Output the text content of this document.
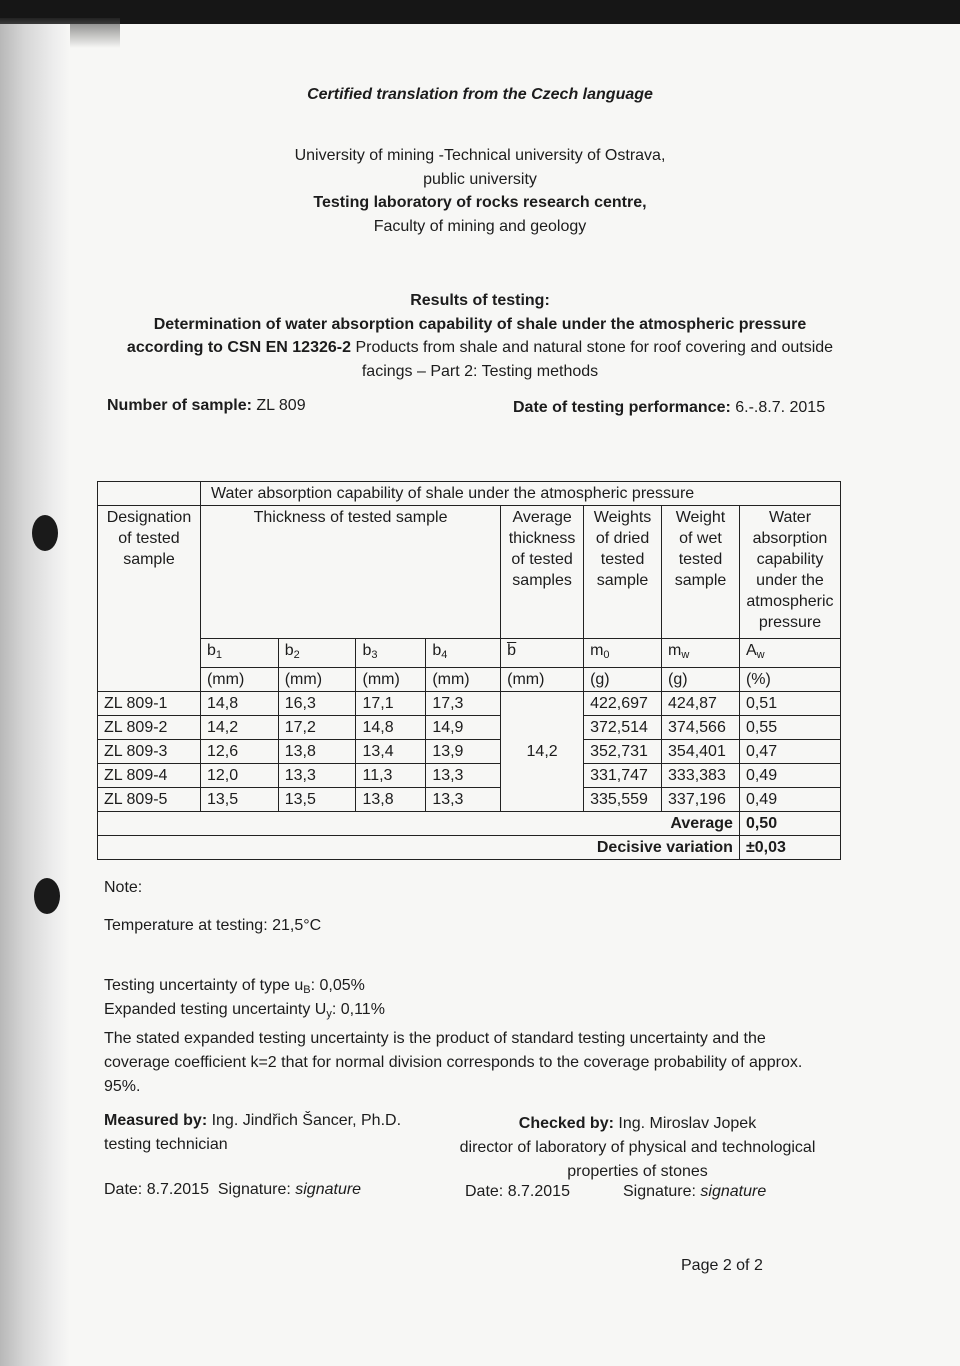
Certified translation from the Czech language
University of mining -Technical university of Ostrava,
public university
Testing laboratory of rocks research centre,
Faculty of mining and geology
Results of testing:
Determination of water absorption capability of shale under the atmospheric pressure
according to CSN EN 12326-2 Products from shale and natural stone for roof covering and outside
facings – Part 2: Testing methods
Number of sample: ZL 809	Date of testing performance: 6.-.8.7. 2015
	Water absorption capability of shale under the atmospheric pressure							
Designation of tested sample	Thickness of tested sample				Average thickness of tested samples	Weights of dried tested sample	Weight of wet tested sample	Water absorption capability under the atmospheric pressure
	$b_1$	$b_2$	$b_3$	$b_4$	b̅	$m_0$	$m_w$	$A_w$
	(mm)	(mm)	(mm)	(mm)	(mm)	(g)	(g)	(%)
ZL 809-1	14,8	16,3	17,1	17,3	14,2	422,697	424,87	0,51
ZL 809-2	14,2	17,2	14,8	14,9		372,514	374,566	0,55
ZL 809-3	12,6	13,8	13,4	13,9		352,731	354,401	0,47
ZL 809-4	12,0	13,3	11,3	13,3		331,747	333,383	0,49
ZL 809-5	13,5	13,5	13,8	13,3		335,559	337,196	0,49
Average								0,50
Decisive variation								±0,03
Note:
Temperature at testing: 21,5°C
Testing uncertainty of type $u_B$: 0,05%
Expanded testing uncertainty $U_y$: 0,11%
The stated expanded testing uncertainty is the product of standard testing uncertainty and the
coverage coefficient k=2 that for normal division corresponds to the coverage probability of approx.
95%.
Measured by: Ing. Jindřich Šancer, Ph.D.
testing technician
Date: 8.7.2015 Signature: signature
Checked by: Ing. Miroslav Jopek
director of laboratory of physical and technological
properties of stones
Date: 8.7.2015	Signature: signature
Page 2 of 2
